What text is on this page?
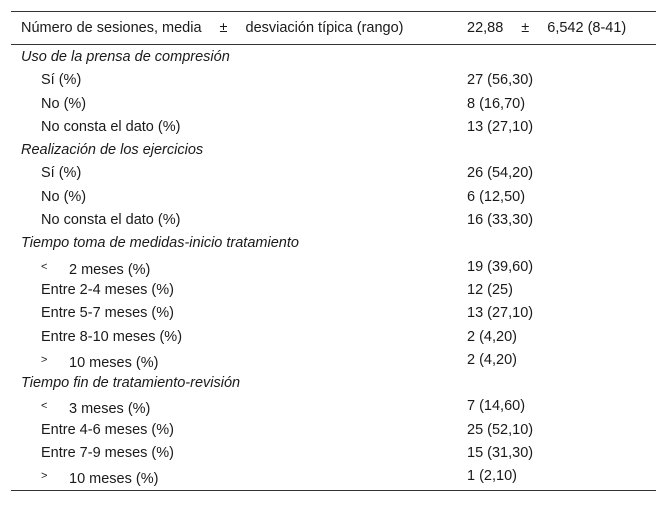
Número de sesiones, media ± desviación típica (rango)	22,88 ± 6,542 (8-41)
Uso de la prensa de compresión
Sí (%)	27 (56,30)
No (%)	8 (16,70)
No consta el dato (%)	13 (27,10)
Realización de los ejercicios
Sí (%)	26 (54,20)
No (%)	6 (12,50)
No consta el dato (%)	16 (33,30)
Tiempo toma de medidas-inicio tratamiento
˂ 2 meses (%)	19 (39,60)
Entre 2-4 meses (%)	12 (25)
Entre 5-7 meses (%)	13 (27,10)
Entre 8-10 meses (%)	2 (4,20)
˃ 10 meses (%)	2 (4,20)
Tiempo fin de tratamiento-revisión
˂ 3 meses (%)	7 (14,60)
Entre 4-6 meses (%)	25 (52,10)
Entre 7-9 meses (%)	15 (31,30)
˃ 10 meses (%)	1 (2,10)
